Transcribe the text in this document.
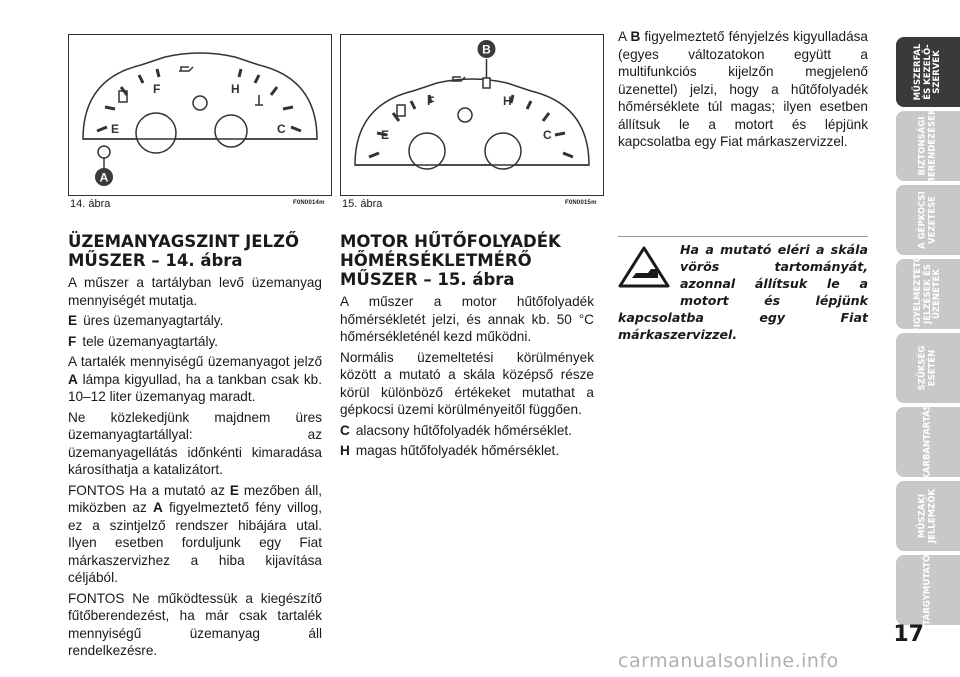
F	H
E	C
A
14. ábra	F0N0014m
F	H
E	C
B
15. ábra	F0N0015m
ÜZEMANYAGSZINT JELZŐ MŰSZER – 14. ábra

A műszer a tartályban levő üzemanyag mennyiségét mutatja.

E üres üzemanyagtartály.

F tele üzemanyagtartály.

A tartalék mennyiségű üzemanyagot jelző A lámpa kigyullad, ha a tankban csak kb. 10–12 liter üzemanyag maradt.

Ne közlekedjünk majdnem üres üzemanyagtartállyal: az üzemanyagellátás időnkénti kimaradása károsíthatja a katalizátort.

FONTOS Ha a mutató az E mezőben áll, miközben az A figyelmeztető fény villog, ez a szintjelző rendszer hibájára utal. Ilyen esetben forduljunk egy Fiat márkaszervizhez a hiba kijavítása céljából.

FONTOS Ne működtessük a kiegészítő fűtőberendezést, ha már csak tartalék mennyiségű üzemanyag áll rendelkezésre.

MOTOR HŰTŐFOLYADÉK HŐMÉRSÉKLETMÉRŐ MŰSZER – 15. ábra

A műszer a motor hűtőfolyadék hőmérsékletét jelzi, és annak kb. 50 °C hőmérsékleténél kezd működni.

Normális üzemeltetési körülmények között a mutató a skála középső része körül különböző értékeket mutathat a gépkocsi üzemi körülményeitől függően.

C alacsony hűtőfolyadék hőmérséklet.

H magas hűtőfolyadék hőmérséklet.

A B figyelmeztető fényjelzés kigyulladása (egyes változatokon együtt a multifunkciós kijelzőn megjelenő üzenettel) jelzi, hogy a hűtőfolyadék hőmérséklete túl magas; ilyen esetben állítsuk le a motort és lépjünk kapcsolatba egy Fiat márkaszervizzel.

Ha a mutató eléri a skála vörös tartományát, azonnal állítsuk le a motort és lépjünk kapcsolatba egy Fiat márkaszervizzel.

MŰSZERFAL
ÉS KEZELŐ-
SZERVEK
BIZTONSÁGI
BERENDEZÉSEK
A GÉPKOCSI
VEZETÉSE
FIGYELMEZTETŐ
JELZÉSEK ÉS
ÜZENETEK
SZÜKSÉG
ESETÉN
KARBANTARTÁS
MŰSZAKI
JELLEMZŐK
TÁRGYMUTATÓ
17
carmanualsonline.info
